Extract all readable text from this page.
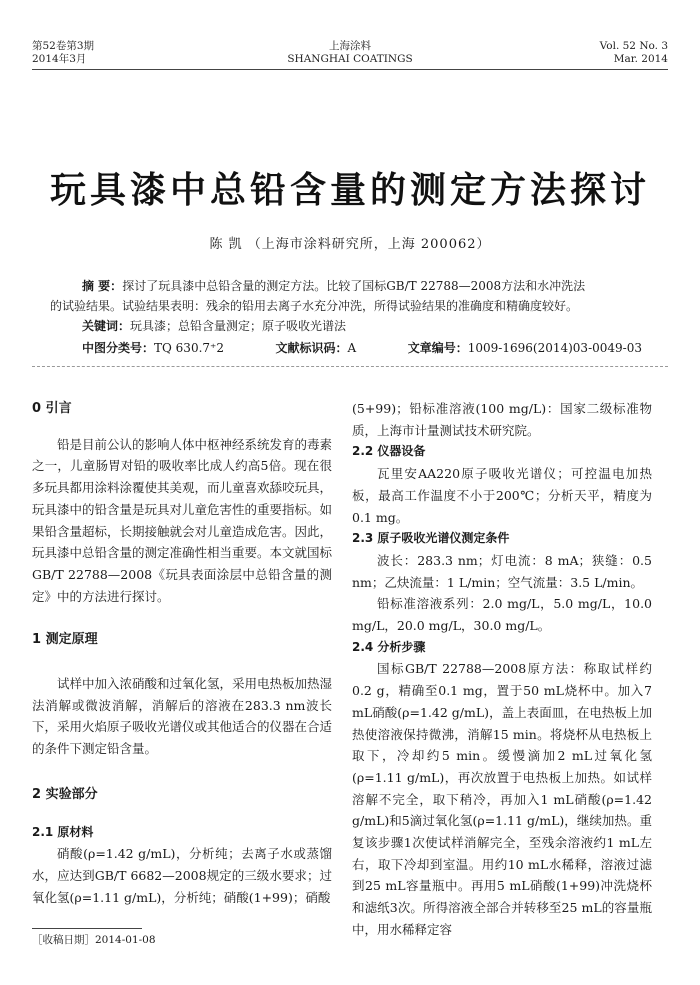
第52卷第3期
2014年3月
上海涂料
SHANGHAI COATINGS
Vol. 52 No. 3
Mar. 2014
玩具漆中总铅含量的测定方法探讨
陈 凯 （上海市涂料研究所，上海 200062）
摘 要：探讨了玩具漆中总铅含量的测定方法。比较了国标GB/T 22788—2008方法和水冲洗法
的试验结果。试验结果表明：残余的铅用去离子水充分冲洗，所得试验结果的准确度和精确度较好。
关键词：玩具漆；总铅含量测定；原子吸收光谱法
中图分类号：TQ 630.7⁺2	文献标识码：A	文章编号：1009-1696(2014)03-0049-03

0 引言

铅是目前公认的影响人体中枢神经系统发育的毒素之一，儿童肠胃对铅的吸收率比成人约高5倍。现在很多玩具都用涂料涂覆使其美观，而儿童喜欢舔咬玩具，玩具漆中的铅含量是玩具对儿童危害性的重要指标。如果铅含量超标，长期接触就会对儿童造成危害。因此，玩具漆中总铅含量的测定准确性相当重要。本文就国标GB/T 22788—2008《玩具表面涂层中总铅含量的测定》中的方法进行探讨。

1 测定原理

试样中加入浓硝酸和过氧化氢，采用电热板加热湿法消解或微波消解，消解后的溶液在283.3 nm波长下，采用火焰原子吸收光谱仪或其他适合的仪器在合适的条件下测定铅含量。

2 实验部分

2.1 原材料

硝酸(ρ=1.42 g/mL)，分析纯；去离子水或蒸馏水，应达到GB/T 6682—2008规定的三级水要求；过氧化氢(ρ=1.11 g/mL)，分析纯；硝酸(1+99)；硝酸

(5+99)；铅标准溶液(100 mg/L)：国家二级标准物质，上海市计量测试技术研究院。

2.2 仪器设备

瓦里安AA220原子吸收光谱仪；可控温电加热板，最高工作温度不小于200℃；分析天平，精度为0.1 mg。

2.3 原子吸收光谱仪测定条件

波长：283.3 nm；灯电流：8 mA；狭缝：0.5 nm；乙炔流量：1 L/min；空气流量：3.5 L/min。

铅标准溶液系列：2.0 mg/L，5.0 mg/L，10.0 mg/L，20.0 mg/L，30.0 mg/L。

2.4 分析步骤

国标GB/T 22788—2008原方法：称取试样约0.2 g，精确至0.1 mg，置于50 mL烧杯中。加入7 mL硝酸(ρ=1.42 g/mL)，盖上表面皿，在电热板上加热使溶液保持微沸，消解15 min。将烧杯从电热板上取下，冷却约5 min。缓慢滴加2 mL过氧化氢(ρ=1.11 g/mL)，再次放置于电热板上加热。如试样溶解不完全，取下稍冷，再加入1 mL硝酸(ρ=1.42 g/mL)和5滴过氧化氢(ρ=1.11 g/mL)，继续加热。重复该步骤1次使试样消解完全，至残余溶液约1 mL左右，取下冷却到室温。用约10 mL水稀释，溶液过滤到25 mL容量瓶中。再用5 mL硝酸(1+99)冲洗烧杯和滤纸3次。所得溶液全部合并转移至25 mL的容量瓶中，用水稀释定容

［收稿日期］2014-01-08
